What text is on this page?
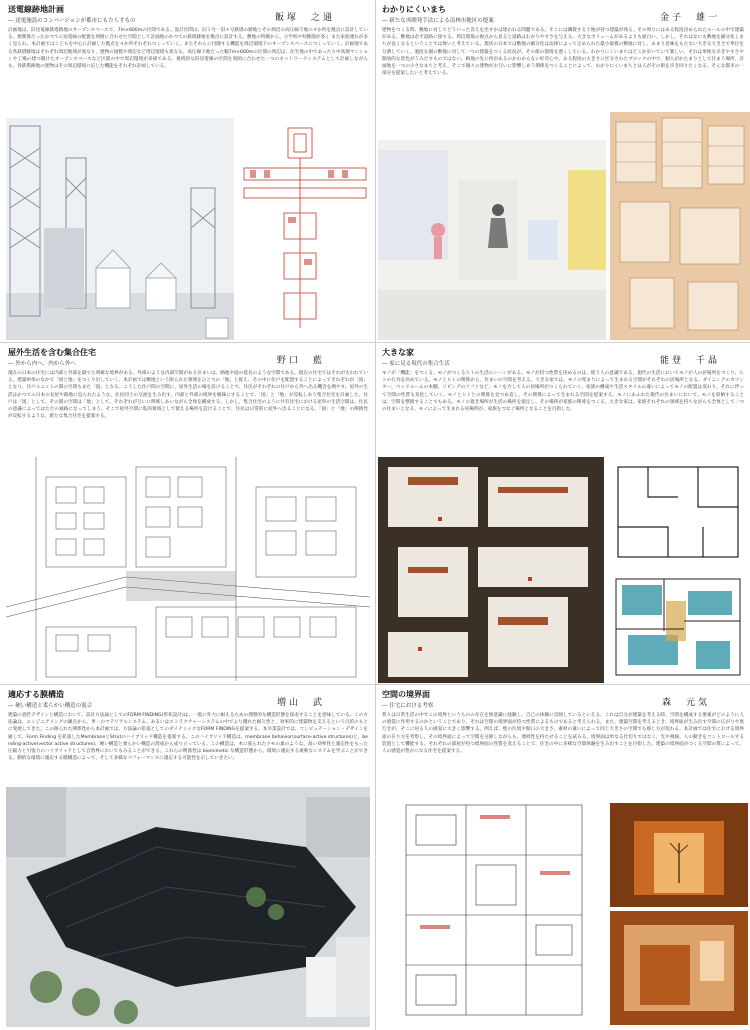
送電線跡地計画
― 送電施設のコンバージョンが都市にもたらすもの	飯塚　之通
計画地は、旧送電線鉄塔跡地のオープンスペースで、7m×600mの区間である。設計区間は、旧１号一旧４号鉄塔の跡地とその周辺の高圧線下地の４か所を拠点に設計している。無関係だったかつての送電線の配置を周囲に合わせた空間として計画地のかつての鉄塔跡地を拠点に設計する。敷地の特徴から、小学校や幼稚園が多く また家族連れが多く見られ、本計画ではこどもを中心に計画した拠点を４か所それぞれつくっていく。またそれらに付随する機能を周辺環境下のオープンスペースにつくっていく。計画地である各鉄塔跡地はそれぞれ周辺地域が異なり、建物の規模や周辺など周辺環境も異なる。高圧線下地だった幅7m×600mの区間の周辺は、住宅地の中であったり中高層マンションや工場の建つ開けたオープンスペースなど区間の中で周辺環境が多様である。連続的な旧送電線の区間を周囲に合わせた一つのネットワークシステムとして計画しながらも、各鉄塔跡地の建物はその周辺環境に応じた機能をそれぞれ計画している。
わかりにくいまち
― 新たな再開発手法による南林市地区の提案	金子　雄一
建物をつくる時、敷地に対してどういった答えを出すかは迷われる問題である。そこには隣接する土地が持つ建築が残る。その周りにはある程度決められたルールの中で建築がある。敷地は必ず道路に接する。周辺環境の視点から見ると道路はわかりやすさを与える。大きなボリュームがあるよりも面白い。しかし、それはなにも敷地を細分化しまちが良くなるということでは無いと考えている。現状の日本では敷地の細分化は法律によって定められた最小規模の敷地に対し、あまり意味をもたない大きな大きさで単位を分割していく。適度な個の敷地に対して一つの建築をつくる状況が、その街の環境を悪くしている。わかりにくいまちはどこか歩いていて楽しい。それは単純な歩きやすさや開放的な景色がうみだすものではない。路地の先に何があるのかわからない好奇心や、ある程度の大きさに区分されたブロックの中で、個人がかたまりとして住まう場所。計画地を一つの小さなまちと考え、そこで個々の建物がお互いに影響しあう関係をつくることによって、わかりにくいまちとは人がその街を歩き回りたくなる、そんな都市の一部分を提案したいと考えている。
屋外生活を含む集合住宅
― 外から内へ、内から外へ	野口　藍
現在の日本の住宅には内部と外部を隔てた明確な境界がある。外部のような内部空間がある住まいは、路地や庭の延長のような空間である。現在の住宅ではそれが失われている。建築単体のなかで「固と地」をつくり出していく。本計画では敷地という限られた領域をひとつの「地」と捉え、その中に住戸を配置することによってそれぞれが「図」となり、住戸ユニットの間の空間もまた「図」となる。こうした住戸間の空間に、屋外生活の場を設けることで、住民がそれぞれの住戸から外へ出る機会を増やす。屋外の生活はかつての日本の長屋や路地に見られたような、住民同士の交流を生み出す。内部と外部の境界を曖昧にすることで、「図」と「地」が反転しあう集合住宅を計画した。住戸は「図」として、その間の空間は「地」として、それぞれが互いに関係しあいながら全体を構成する。しかし、集合住宅のように共有住宅における屋外の生活空間は、住民の意識によってはただの通路になってしまう。そこで屋外空間に私的領域として使える場所を設けることで、住民は日常的に屋外へ出ることになる。「固」と「地」の関係性が反転するような、新たな集合住宅を提案する。
大きな家
― 家に見る現代の集合生活	能登　千晶
モノが「機能」をつくる。モノがつくるヒトの生活のシーンがある。モノが持つ性質を決めるのは、使う人の意識である。現代の生活においてモノが人の居場所をつくり、ヒトの行為を決めている。モノとヒトの関係から、住まいの空間を考える。大きな家では、モノの集まりによって生まれる空間がそれぞれの居場所となる。ダイニングのカウンター、ベッドルームの本棚、リビングのソファなど、モノを介して人の居場所がつくられていく。家族の構成や生活スタイルの違いによってモノの配置は変わり、それに伴って空間の性質も変化していく。モノとヒトとの関係を見つめ直し、その関係によって生まれる空間を提案する。モノにあふれた現代の住まいにおいて、モノを収納することは、空間を整理することでもある。モノの置き場所が生活の場所を規定し、その場所が家族の関係をつくる。大きな家は、家族それぞれの領域を持ちながらも全体として一つの住まいとなる。モノによって生まれる居場所が、家族をつなぐ場所となることを目指した。
適応する膜構造
― 硬い構造と柔らかい構造の混合	増山　武
建築の意匠デザインと構造において、設計方法論としてのFORM FINDING(形状設計)は、一般に外力に耐えるための理想的な構造形態を探求することを意味している。この方法論は、エンジニアリングの観点から、単一のマテリアルシステム、あるいはストラクチャーシステムの中でより優れた耐久性と、効率的に建築物を支えるという目的のもとに発展してきた。この限られた関係性から本計画では、方法論の拡張としてのダイナミックなFORM FINDINGを提案する。本卒業設計では、コンピュテーション・デザインを通して、Form Finding を拡張したMembraneとStrutのハイブリッド構造を提案する。このハイブリッド構造は、membrane behavior(surface-active structures)と、bending-active(vector active structures)、硬い構造と柔らかい構造の混成から成り立っている。この構造は、木に張られたクモの巣のような、高い効率性と適応性をもった圧縮力と引張力のハイブリッドとして自然界においてもみることができる。これらの関係性は biomimetic な構造形態から、環境に適応する柔軟なシステムを学ぶことができる。動的な環境に適応する膜構造によって、そして多様なパフォーマンスに適応する可能性を示していきたい。
空間の境界面
― 住宅における考察	森　元気
我々は日常生活の中でこの境界というものの存在を無意識に経験し、自己の体験に反映しているといえる。これは自分が建築を考える時、空間を構成する要素がどのように人の感覚に作用するのかということであり、それは空間の境界面が持つ性質によるものであると考えられる。また、建築空間を考えるとき、境界面が生み出す空間の広がりや奥行きが、そこに居る人の感覚に大きく影響する。例えば、壁の位置や開口の大きさ、素材の違いによって同じ大きさの空間でも感じ方が変わる。本計画では住宅における境界面の在り方を考察し、その境界面によって空間を分節しながらも、連続性を持たせることを試みる。境界面は単なる仕切りではなく、光や視線、人の動きをコントロールする装置として機能する。それぞれの部屋が持つ境界面の性質を変えることで、住宅の中に多様な空間体験を生み出すことを目指した。建築の境界面がつくる空間の質によって、人の感覚が豊かになる住宅を提案する。
